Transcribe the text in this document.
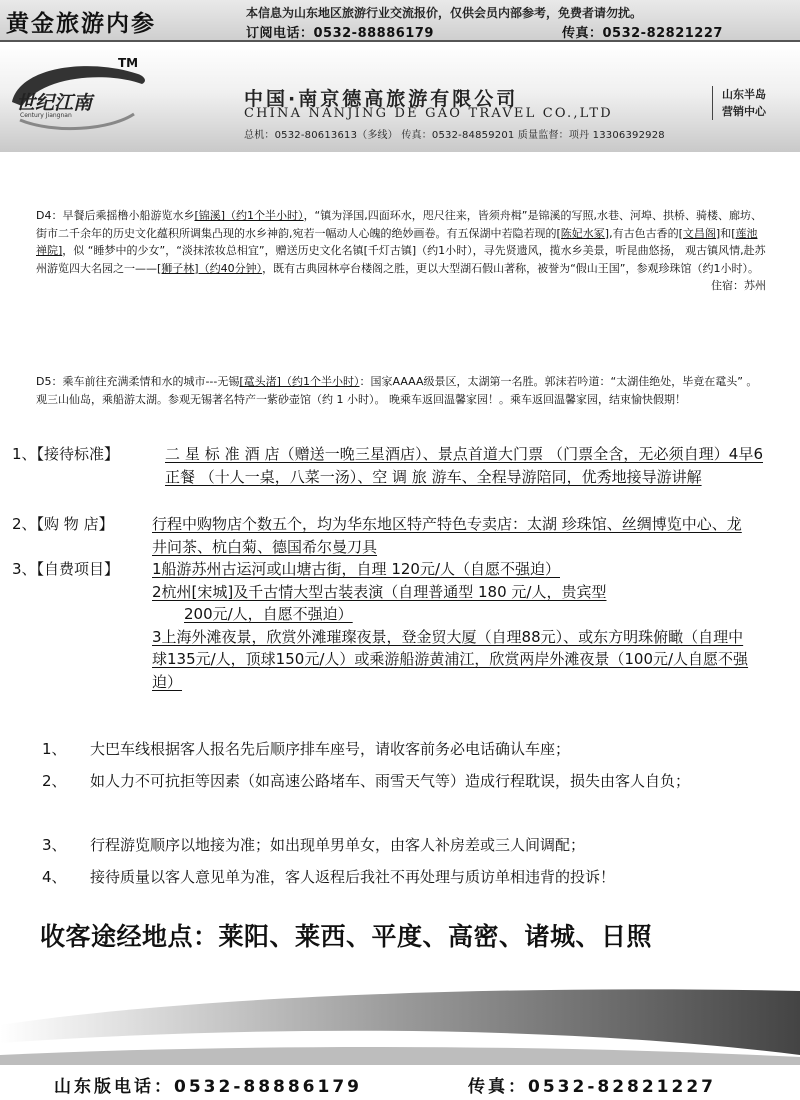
黄金旅游内参	本信息为山东地区旅游行业交流报价，仅供会员内部参考，免费者请勿扰。
订阅电话：0532-88886179	传真：0532-82821227
TM
世纪江南
Century Jiangnan
中国·南京德高旅游有限公司
CHINA NANJING DE GAO TRAVEL CO.,LTD
山东半岛
营销中心
总机：0532-80613613（多线） 传真：0532-84859201 质量监督：项丹 13306392928
D4：早餐后乘摇橹小船游览水乡[锦溪]（约1个半小时），“镇为泽国,四面环水，咫尺往来，皆须舟楫”是锦溪的写照,水巷、河埠、拱桥、骑楼、廊坊、街市二千余年的历史文化蕴积所调集凸现的水乡神韵,宛若一幅动人心魄的绝妙画卷。有五保湖中若隐若现的[陈妃水冢],有古色古香的[文昌阁]和[莲池禅院]，似 “睡梦中的少女”，“淡抹浓妆总相宜”，赠送历史文化名镇[千灯古镇]（约1小时），寻先贤遗风，揽水乡美景，听昆曲悠扬， 观古镇风情,赴苏州游览四大名园之一——[狮子林]（约40分钟），既有古典园林亭台楼阁之胜，更以大型湖石假山著称，被誉为“假山王国”，参观珍珠馆（约1小时）。
住宿：苏州
D5：乘车前往充满柔情和水的城市---无锡[鼋头渚]（约1个半小时）：国家AAAA级景区，太湖第一名胜。郭沫若吟道：“太湖佳绝处，毕竟在鼋头” 。观三山仙岛，乘船游太湖。参观无锡著名特产一紫砂壶馆（约 1 小时）。 晚乘车返回温馨家园！。乘车返回温馨家园，结束愉快假期！
1、【接待标准】	二 星 标 准 酒 店（赠送一晚三星酒店）、景点首道大门票 （门票全含，无必须自理）4早6正餐 （十人一桌，八菜一汤）、空 调 旅 游车、全程导游陪同，优秀地接导游讲解
2、【购 物 店】	行程中购物店个数五个，均为华东地区特产特色专卖店：太湖 珍珠馆、丝绸博览中心、龙井问茶、杭白菊、德国希尔曼刀具
3、【自费项目】 1船游苏州古运河或山塘古街，自理 120元/人（自愿不强迫）
2杭州[宋城]及千古情大型古装表演（自理普通型 180 元/人，贵宾型
200元/人，自愿不强迫）
3上海外滩夜景，欣赏外滩璀璨夜景，登金贸大厦（自理88元）、或东方明珠俯瞰（自理中球135元/人，顶球150元/人）或乘游船游黄浦江，欣赏两岸外滩夜景（100元/人自愿不强迫）
1、 大巴车线根据客人报名先后顺序排车座号，请收客前务必电话确认车座；
2、 如人力不可抗拒等因素（如高速公路堵车、雨雪天气等）造成行程耽误，损失由客人自负；
3、 行程游览顺序以地接为准；如出现单男单女，由客人补房差或三人间调配；
4、 接待质量以客人意见单为准，客人返程后我社不再处理与质访单相违背的投诉！
收客途经地点：莱阳、莱西、平度、高密、诸城、日照
山东版电话：0532-88886179	传真：0532-82821227
